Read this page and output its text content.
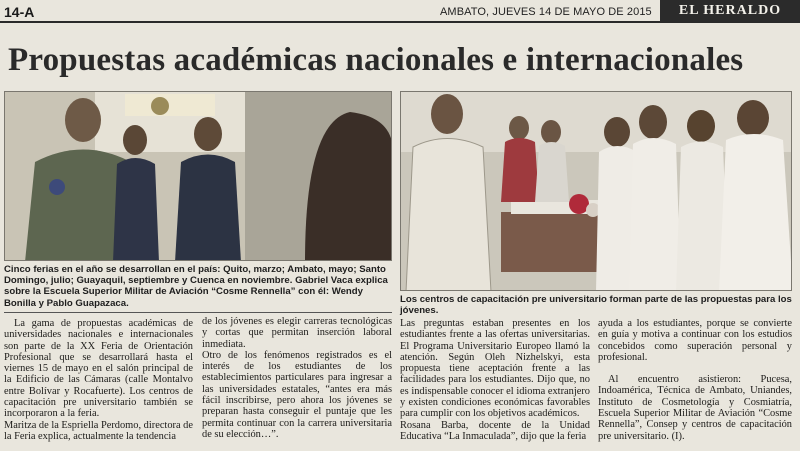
14-A	AMBATO, JUEVES 14 DE MAYO DE 2015	EL HERALDO
Propuestas académicas nacionales e internacionales

Cinco ferias en el año se desarrollan en el país: Quito, marzo; Ambato, mayo; Santo Domingo, julio; Guayaquil, septiembre y Cuenca en noviembre. Gabriel Vaca explica sobre la Escuela Superior Militar de Aviación “Cosme Rennella” con él: Wendy Bonilla y Pablo Guapazaca.	Los centros de capacitación pre universitario forman parte de las propuestas para los jóvenes.

La gama de propuestas académicas de universidades nacionales e internacionales son parte de la XX Feria de Orientación Profesional que se desarrollará hasta el viernes 15 de mayo en el salón principal de la Edificio de las Cámaras (calle Montalvo entre Bolívar y Rocafuerte). Los centros de capacitación pre universitario también se incorporaron a la feria.

Maritza de la Espriella Perdomo, directora de la Feria explica, actualmente la tendencia

de los jóvenes es elegir carreras tecnológicas y cortas que permitan inserción laboral inmediata.

Otro de los fenómenos registrados es el interés de los estudiantes de los establecimientos particulares para ingresar a las universidades estatales, “antes era más fácil inscribirse, pero ahora los jóvenes se preparan hasta conseguir el puntaje que les permita continuar con la carrera universitaria de su elección…”.

Las preguntas estaban presentes en los estudiantes frente a las ofertas universitarias. El Programa Universitario Europeo llamó la atención. Según Oleh Nizhelskyi, esta propuesta tiene aceptación frente a las facilidades para los estudiantes. Dijo que, no es indispensable conocer el idioma extranjero y existen condiciones económicas favorables para cumplir con los objetivos académicos.

Rosana Barba, docente de la Unidad Educativa “La Inmaculada”, dijo que la feria

ayuda a los estudiantes, porque se convierte en guía y motiva a continuar con los estudios concebidos como superación personal y profesional.

Al encuentro asistieron: Pucesa, Indoamérica, Técnica de Ambato, Uniandes, Instituto de Cosmetología y Cosmiatría, Escuela Superior Militar de Aviación “Cosme Rennella”, Consep y centros de capacitación pre universitario. (I).
